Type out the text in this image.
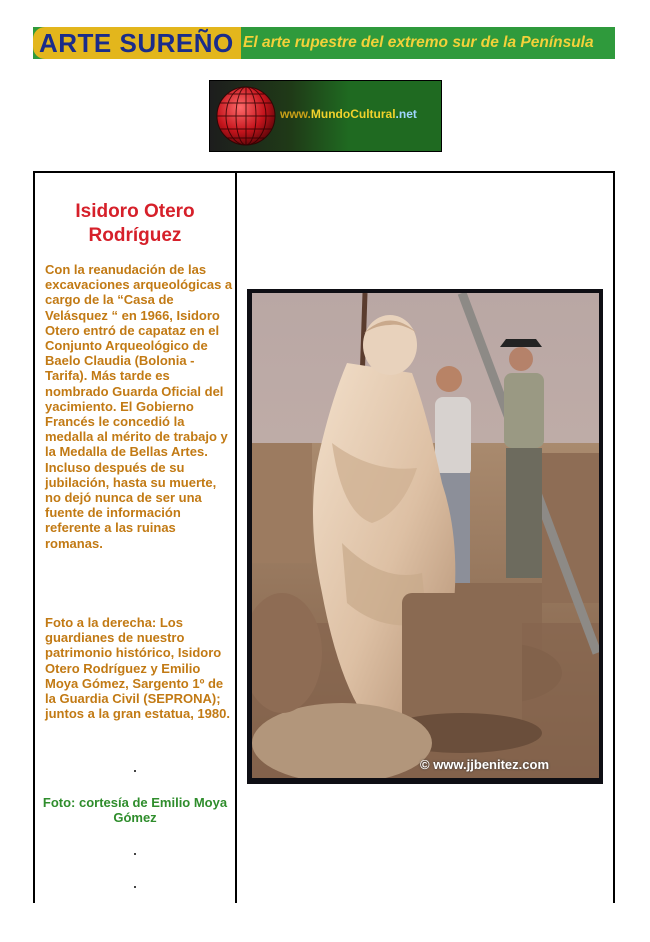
ARTE SUREÑO El arte rupestre del extremo sur de la Península
www.MundoCultural.net
Isidoro Otero Rodríguez
Con la reanudación de las excavaciones arqueológicas a cargo de la “Casa de Velásquez “ en 1966, Isidoro Otero entró de capataz en el Conjunto Arqueológico de Baelo Claudia (Bolonia - Tarifa). Más tarde es nombrado Guarda Oficial del yacimiento. El Gobierno Francés le concedió la medalla al mérito de trabajo y la Medalla de Bellas Artes. Incluso después de su jubilación, hasta su muerte, no dejó nunca de ser una fuente de información referente a las ruinas romanas.
Foto a la derecha: Los guardianes de nuestro patrimonio histórico, Isidoro Otero Rodríguez y Emilio Moya Gómez, Sargento 1º de la Guardia Civil (SEPRONA); juntos a la gran estatua, 1980.
Foto: cortesía de Emilio Moya Gómez
© www.jjbenitez.com
